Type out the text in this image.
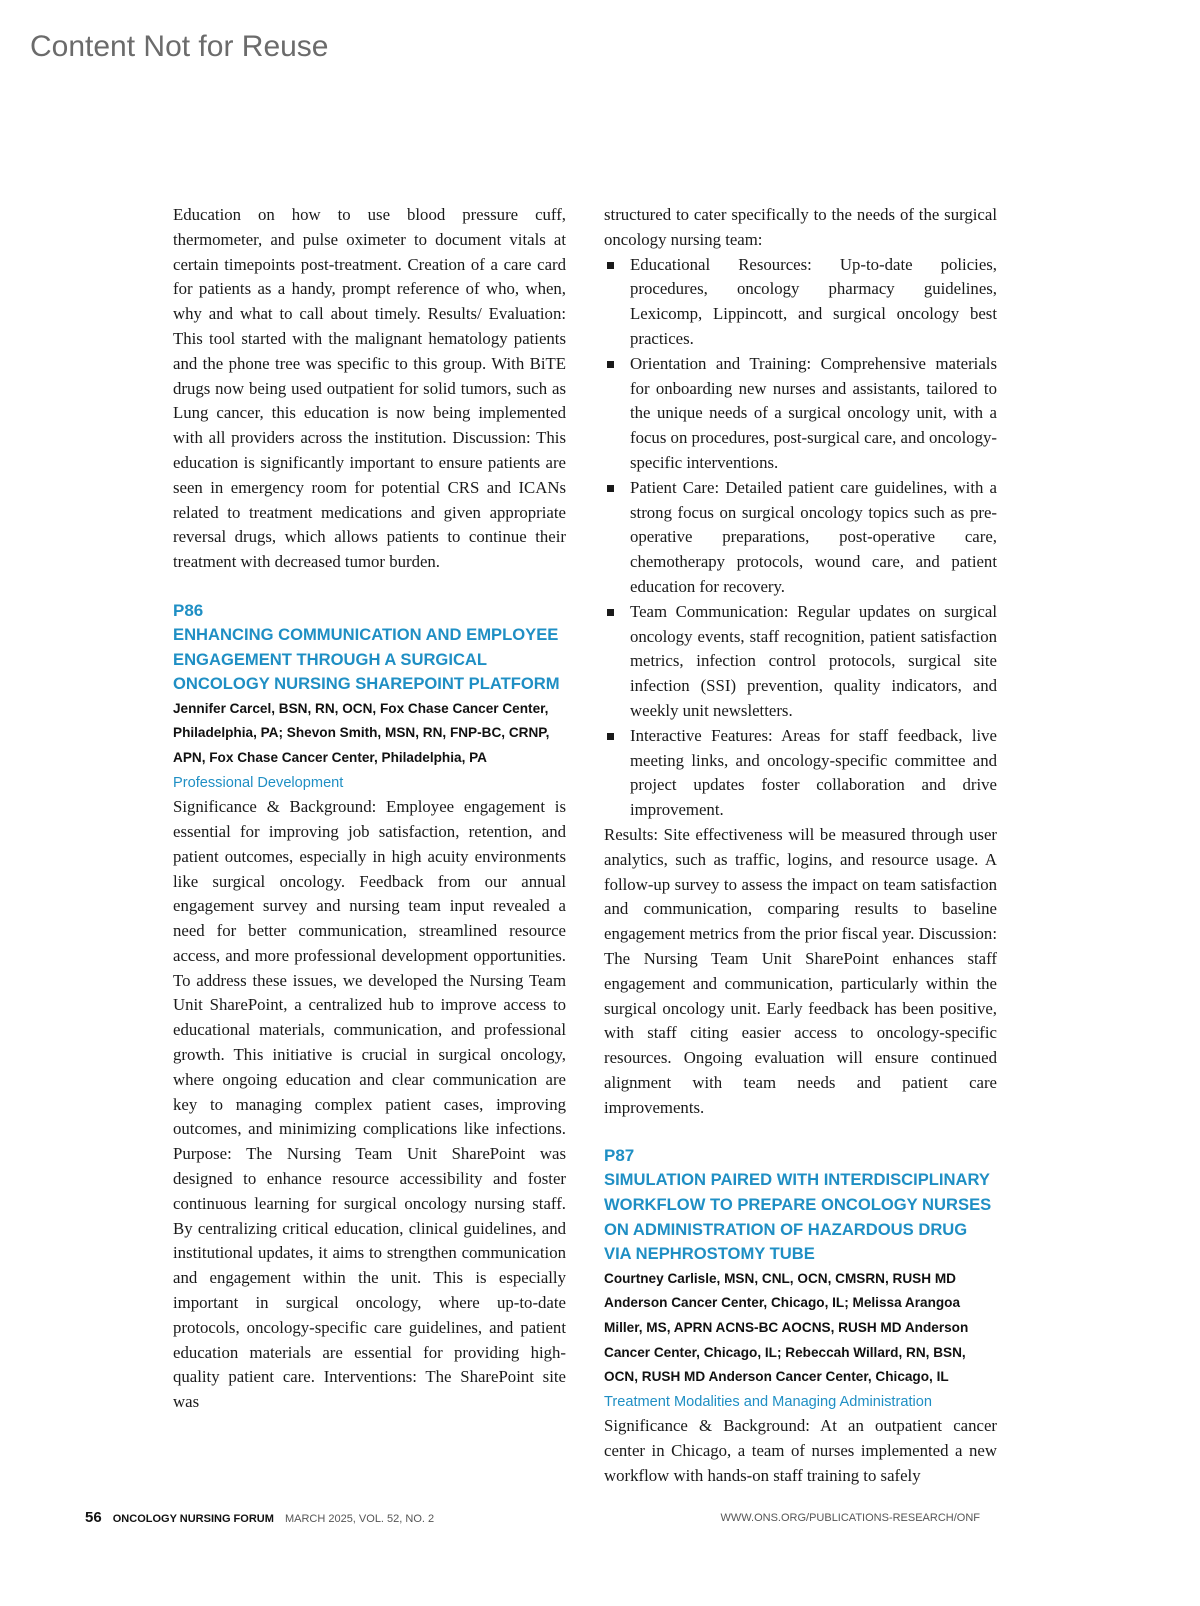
Content Not for Reuse

Education on how to use blood pressure cuff, thermometer, and pulse oximeter to document vitals at certain timepoints post-treatment. Creation of a care card for patients as a handy, prompt reference of who, when, why and what to call about timely. Results/ Evaluation: This tool started with the malignant hematology patients and the phone tree was specific to this group. With BiTE drugs now being used outpatient for solid tumors, such as Lung cancer, this education is now being implemented with all providers across the institution. Discussion: This education is significantly important to ensure patients are seen in emergency room for potential CRS and ICANs related to treatment medications and given appropriate reversal drugs, which allows patients to continue their treatment with decreased tumor burden.

P86

ENHANCING COMMUNICATION AND EMPLOYEE ENGAGEMENT THROUGH A SURGICAL ONCOLOGY NURSING SHAREPOINT PLATFORM

Jennifer Carcel, BSN, RN, OCN, Fox Chase Cancer Center, Philadelphia, PA; Shevon Smith, MSN, RN, FNP-BC, CRNP, APN, Fox Chase Cancer Center, Philadelphia, PA

Professional Development

Significance & Background: Employee engagement is essential for improving job satisfaction, retention, and patient outcomes, especially in high acuity environments like surgical oncology. Feedback from our annual engagement survey and nursing team input revealed a need for better communication, streamlined resource access, and more professional development opportunities. To address these issues, we developed the Nursing Team Unit SharePoint, a centralized hub to improve access to educational materials, communication, and professional growth. This initiative is crucial in surgical oncology, where ongoing education and clear communication are key to managing complex patient cases, improving outcomes, and minimizing complications like infections. Purpose: The Nursing Team Unit SharePoint was designed to enhance resource accessibility and foster continuous learning for surgical oncology nursing staff. By centralizing critical education, clinical guidelines, and institutional updates, it aims to strengthen communication and engagement within the unit. This is especially important in surgical oncology, where up-to-date protocols, oncology-specific care guidelines, and patient education materials are essential for providing high-quality patient care. Interventions: The SharePoint site was

structured to cater specifically to the needs of the surgical oncology nursing team:

Educational Resources: Up-to-date policies, procedures, oncology pharmacy guidelines, Lexicomp, Lippincott, and surgical oncology best practices.

Orientation and Training: Comprehensive materials for onboarding new nurses and assistants, tailored to the unique needs of a surgical oncology unit, with a focus on procedures, post-surgical care, and oncology-specific interventions.

Patient Care: Detailed patient care guidelines, with a strong focus on surgical oncology topics such as pre-operative preparations, post-operative care, chemotherapy protocols, wound care, and patient education for recovery.

Team Communication: Regular updates on surgical oncology events, staff recognition, patient satisfaction metrics, infection control protocols, surgical site infection (SSI) prevention, quality indicators, and weekly unit newsletters.

Interactive Features: Areas for staff feedback, live meeting links, and oncology-specific committee and project updates foster collaboration and drive improvement.

Results: Site effectiveness will be measured through user analytics, such as traffic, logins, and resource usage. A follow-up survey to assess the impact on team satisfaction and communication, comparing results to baseline engagement metrics from the prior fiscal year. Discussion: The Nursing Team Unit SharePoint enhances staff engagement and communication, particularly within the surgical oncology unit. Early feedback has been positive, with staff citing easier access to oncology-specific resources. Ongoing evaluation will ensure continued alignment with team needs and patient care improvements.

P87

SIMULATION PAIRED WITH INTERDISCIPLINARY WORKFLOW TO PREPARE ONCOLOGY NURSES ON ADMINISTRATION OF HAZARDOUS DRUG VIA NEPHROSTOMY TUBE

Courtney Carlisle, MSN, CNL, OCN, CMSRN, RUSH MD Anderson Cancer Center, Chicago, IL; Melissa Arangoa Miller, MS, APRN ACNS-BC AOCNS, RUSH MD Anderson Cancer Center, Chicago, IL; Rebeccah Willard, RN, BSN, OCN, RUSH MD Anderson Cancer Center, Chicago, IL

Treatment Modalities and Managing Administration

Significance & Background: At an outpatient cancer center in Chicago, a team of nurses implemented a new workflow with hands-on staff training to safely

56 ONCOLOGY NURSING FORUM MARCH 2025, VOL. 52, NO. 2	WWW.ONS.ORG/PUBLICATIONS-RESEARCH/ONF
